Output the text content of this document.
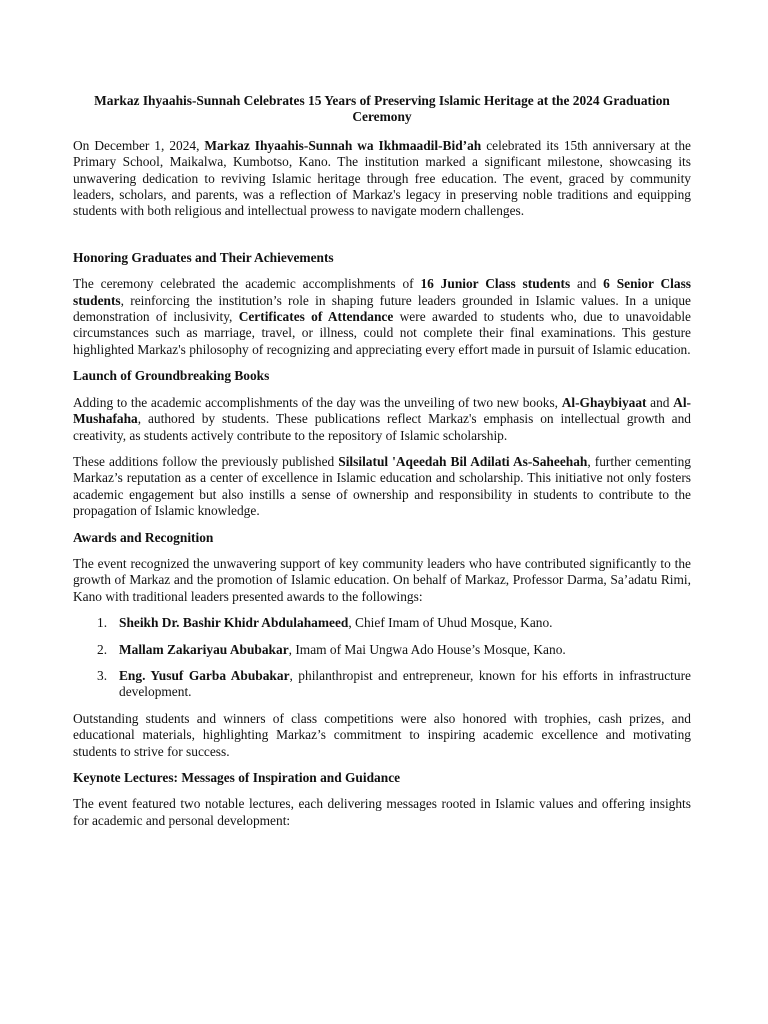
Markaz Ihyaahis-Sunnah Celebrates 15 Years of Preserving Islamic Heritage at the 2024 Graduation Ceremony

On December 1, 2024, Markaz Ihyaahis-Sunnah wa Ikhmaadil-Bid’ah celebrated its 15th anniversary at the Primary School, Maikalwa, Kumbotso, Kano. The institution marked a significant milestone, showcasing its unwavering dedication to reviving Islamic heritage through free education. The event, graced by community leaders, scholars, and parents, was a reflection of Markaz's legacy in preserving noble traditions and equipping students with both religious and intellectual prowess to navigate modern challenges.

Honoring Graduates and Their Achievements

The ceremony celebrated the academic accomplishments of 16 Junior Class students and 6 Senior Class students, reinforcing the institution’s role in shaping future leaders grounded in Islamic values. In a unique demonstration of inclusivity, Certificates of Attendance were awarded to students who, due to unavoidable circumstances such as marriage, travel, or illness, could not complete their final examinations. This gesture highlighted Markaz's philosophy of recognizing and appreciating every effort made in pursuit of Islamic education.

Launch of Groundbreaking Books

Adding to the academic accomplishments of the day was the unveiling of two new books, Al-Ghaybiyaat and Al-Mushafaha, authored by students. These publications reflect Markaz's emphasis on intellectual growth and creativity, as students actively contribute to the repository of Islamic scholarship.

These additions follow the previously published Silsilatul 'Aqeedah Bil Adilati As-Saheehah, further cementing Markaz’s reputation as a center of excellence in Islamic education and scholarship. This initiative not only fosters academic engagement but also instills a sense of ownership and responsibility in students to contribute to the propagation of Islamic knowledge.

Awards and Recognition

The event recognized the unwavering support of key community leaders who have contributed significantly to the growth of Markaz and the promotion of Islamic education. On behalf of Markaz, Professor Darma, Sa’adatu Rimi, Kano with traditional leaders presented awards to the followings:

1. Sheikh Dr. Bashir Khidr Abdulahameed, Chief Imam of Uhud Mosque, Kano.
2. Mallam Zakariyau Abubakar, Imam of Mai Ungwa Ado House’s Mosque, Kano.
3. Eng. Yusuf Garba Abubakar, philanthropist and entrepreneur, known for his efforts in infrastructure development.

Outstanding students and winners of class competitions were also honored with trophies, cash prizes, and educational materials, highlighting Markaz’s commitment to inspiring academic excellence and motivating students to strive for success.

Keynote Lectures: Messages of Inspiration and Guidance

The event featured two notable lectures, each delivering messages rooted in Islamic values and offering insights for academic and personal development:
